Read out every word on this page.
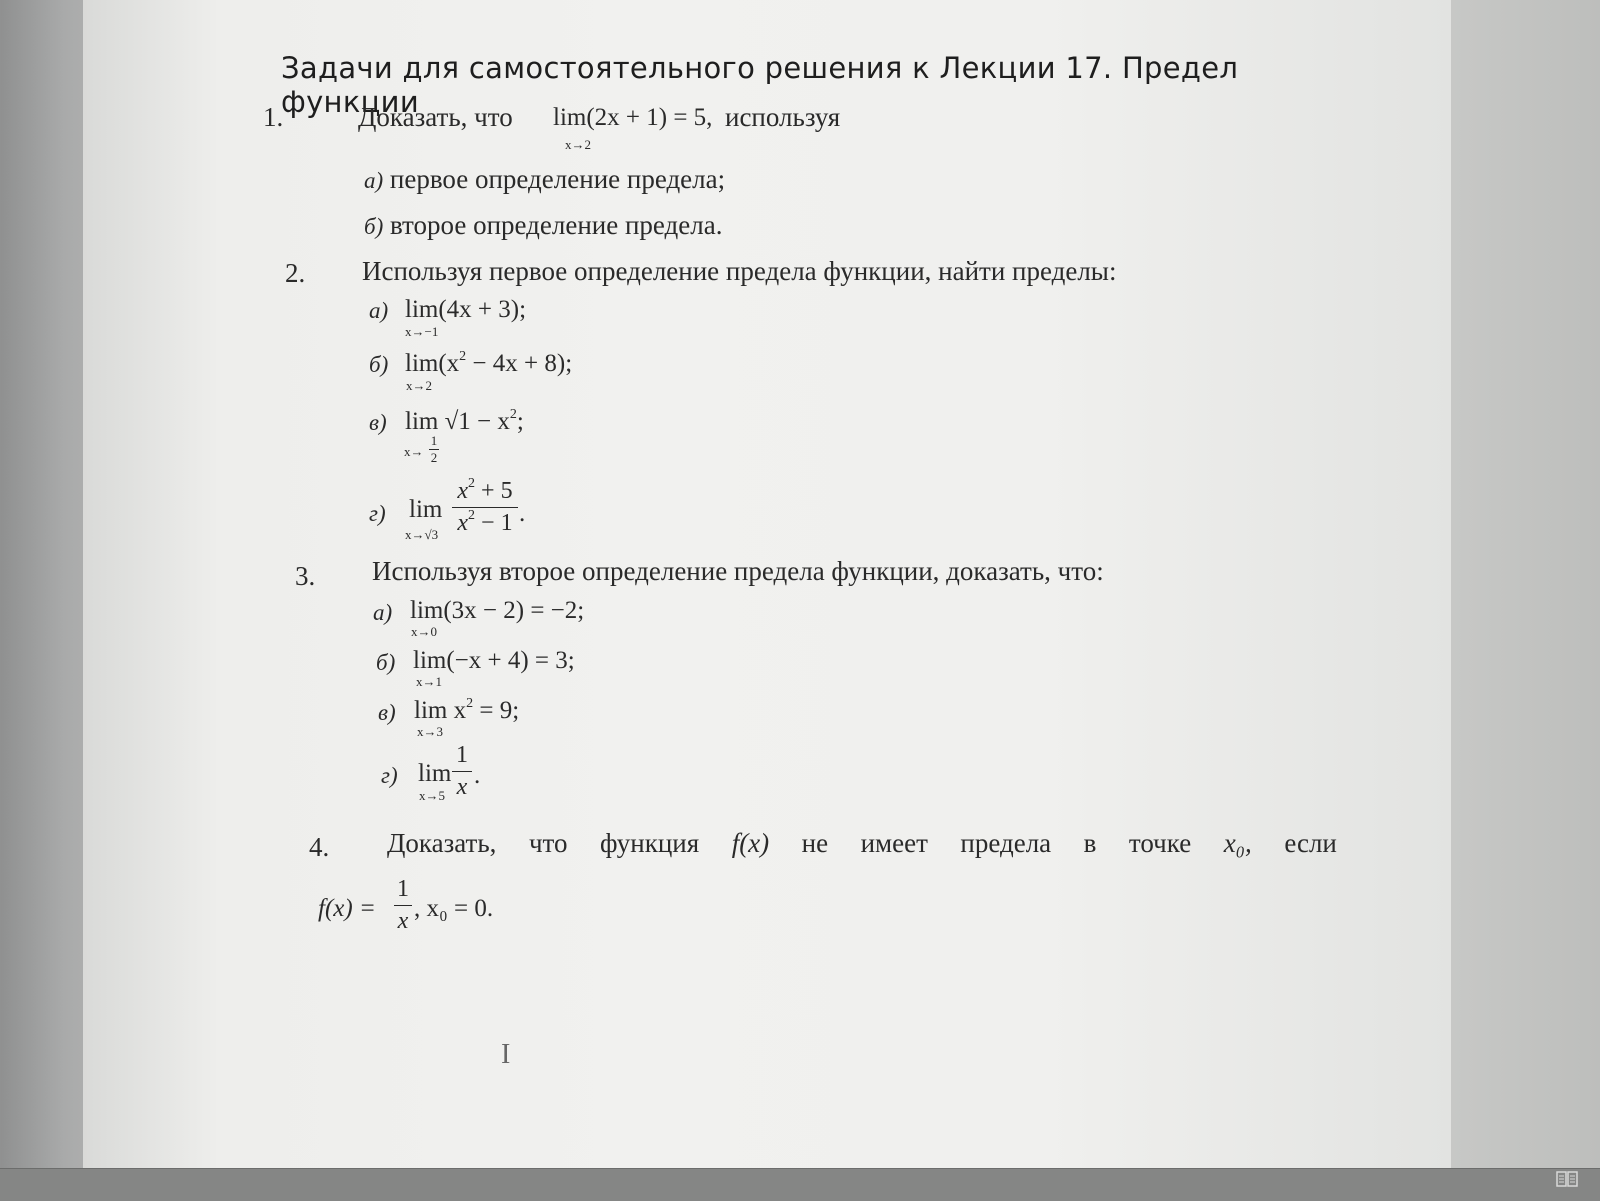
Задачи для самостоятельного решения к Лекции 17. Предел функции
1.	Доказать, что lim(2x + 1) = 5,
x→2
используя
а) первое определение предела;
б) второе определение предела.
2. Используя первое определение предела функции, найти пределы:
а) lim(4x + 3);
x→−1
б) $\lim(x^2 - 4x + 8)$;
x→2
в) $\lim √1 - x^2$;
$x\to \frac{1}{2}$
г) lim
x→√3
$x^2 + 5$
$x^2 - 1$ .
3. Используя второе определение предела функции, доказать, что:
а) lim(3x − 2) = −2;
x→0
б) lim(−x + 4) = 3;
x→1
в) $\lim x^2 = 9$;
x→3
г) lim
x→5
1
x .
4. Доказать, что функция f(x) не имеет предела в точке x₀, если
f(x) =
1
x , x₀ = 0.
I
